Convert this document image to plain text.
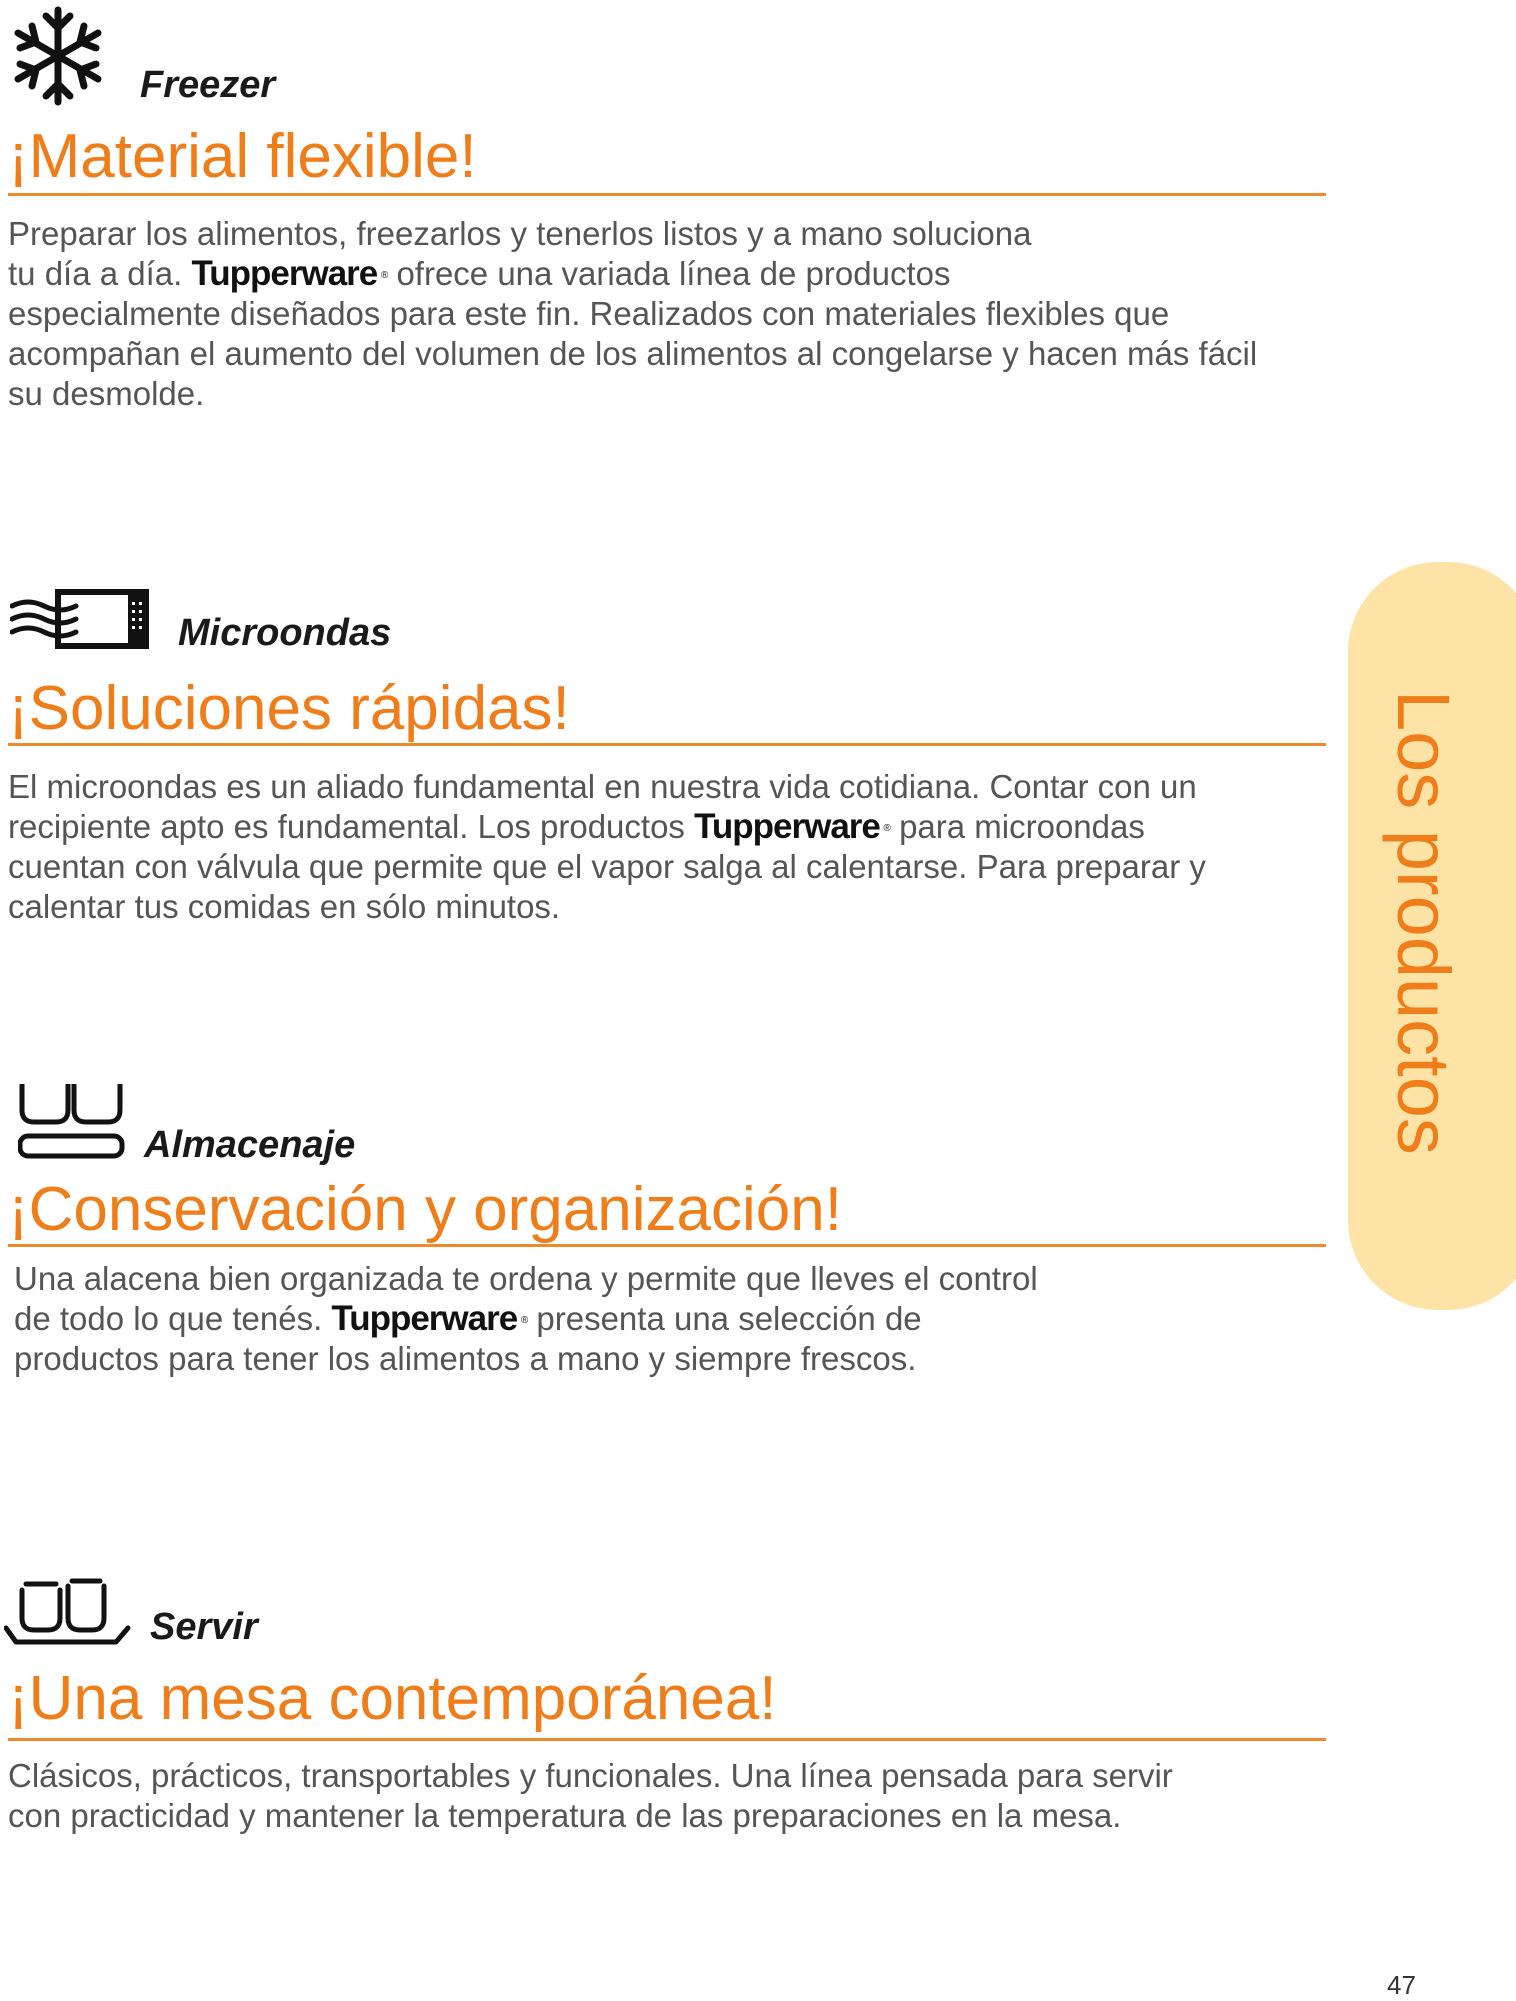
Los productos
Freezer
¡Material flexible!

Preparar los alimentos, freezarlos y tenerlos listos y a mano soluciona
tu día a día. Tupperware ® ofrece una variada línea de productos
especialmente diseñados para este fin. Realizados con materiales flexibles que acompañan el aumento del volumen de los alimentos al congelarse y hacen más fácil su desmolde.

Microondas
¡Soluciones rápidas!

El microondas es un aliado fundamental en nuestra vida cotidiana. Contar con un recipiente apto es fundamental. Los productos Tupperware ® para microondas cuentan con válvula que permite que el vapor salga al calentarse. Para preparar y calentar tus comidas en sólo minutos.

Almacenaje
¡Conservación y organización!

Una alacena bien organizada te ordena y permite que lleves el control de todo lo que tenés. Tupperware ® presenta una selección de productos para tener los alimentos a mano y siempre frescos.

Servir
¡Una mesa contemporánea!

Clásicos, prácticos, transportables y funcionales. Una línea pensada para servir con practicidad y mantener la temperatura de las preparaciones en la mesa.

47
